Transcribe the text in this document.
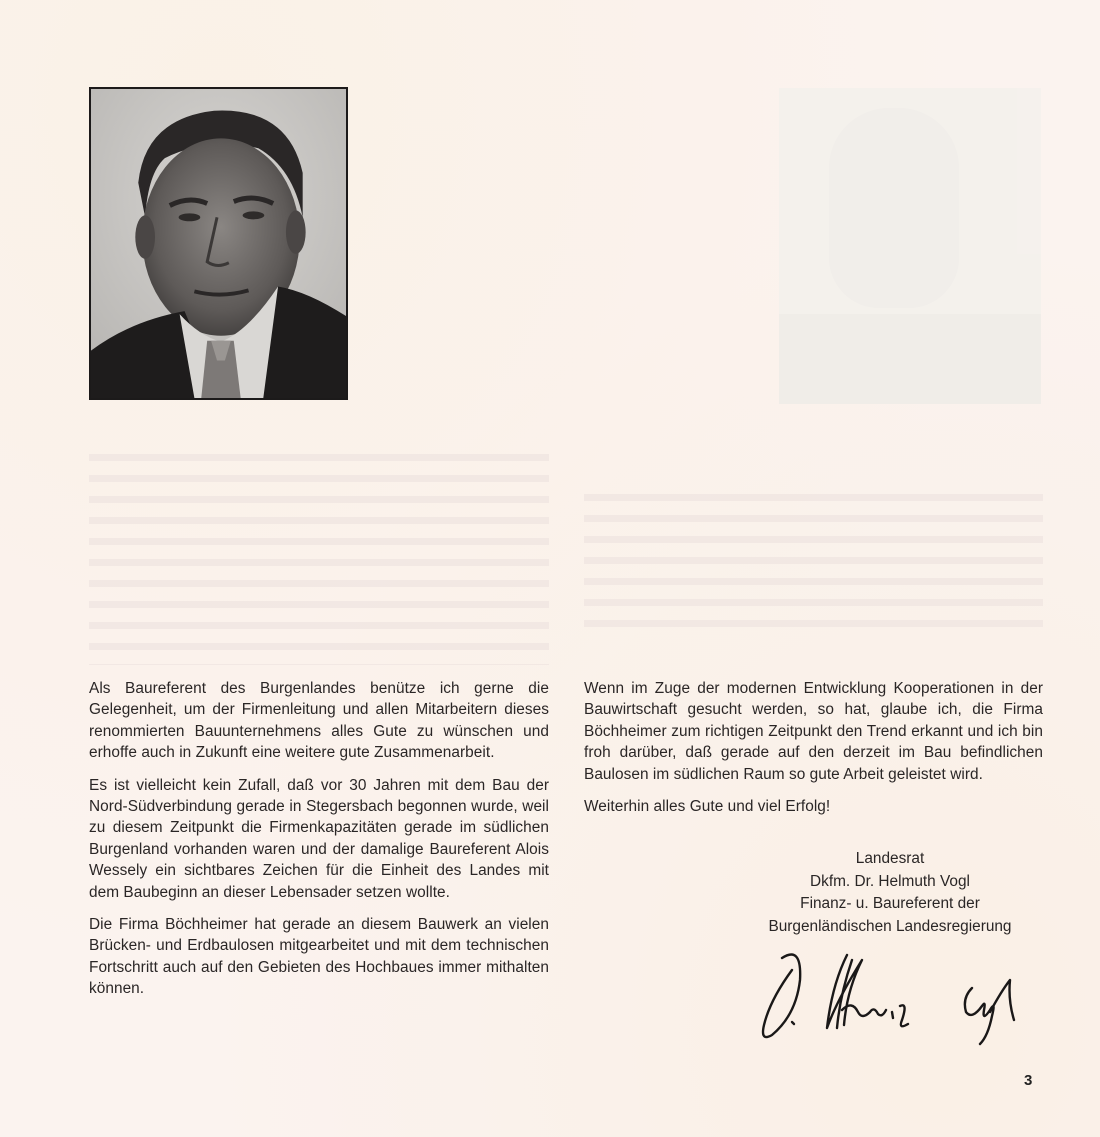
Als Baureferent des Burgenlandes benütze ich gerne die Gelegenheit, um der Firmenleitung und allen Mitarbeitern dieses renommierten Bauunternehmens alles Gute zu wünschen und erhoffe auch in Zukunft eine weitere gute Zusammenarbeit.

Es ist vielleicht kein Zufall, daß vor 30 Jahren mit dem Bau der Nord-Südverbindung gerade in Stegersbach begonnen wurde, weil zu diesem Zeitpunkt die Firmenkapazitäten gerade im südlichen Burgenland vorhanden waren und der damalige Baureferent Alois Wessely ein sichtbares Zeichen für die Einheit des Landes mit dem Baubeginn an dieser Lebensader setzen wollte.

Die Firma Böchheimer hat gerade an diesem Bauwerk an vielen Brücken- und Erdbaulosen mitgearbeitet und mit dem technischen Fortschritt auch auf den Gebieten des Hochbaues immer mithalten können.

Wenn im Zuge der modernen Entwicklung Kooperationen in der Bauwirtschaft gesucht werden, so hat, glaube ich, die Firma Böchheimer zum richtigen Zeitpunkt den Trend erkannt und ich bin froh darüber, daß gerade auf den derzeit im Bau befindlichen Baulosen im südlichen Raum so gute Arbeit geleistet wird.

Weiterhin alles Gute und viel Erfolg!

Landesrat
Dkfm. Dr. Helmuth Vogl
Finanz- u. Baureferent der
Burgenländischen Landesregierung
3
